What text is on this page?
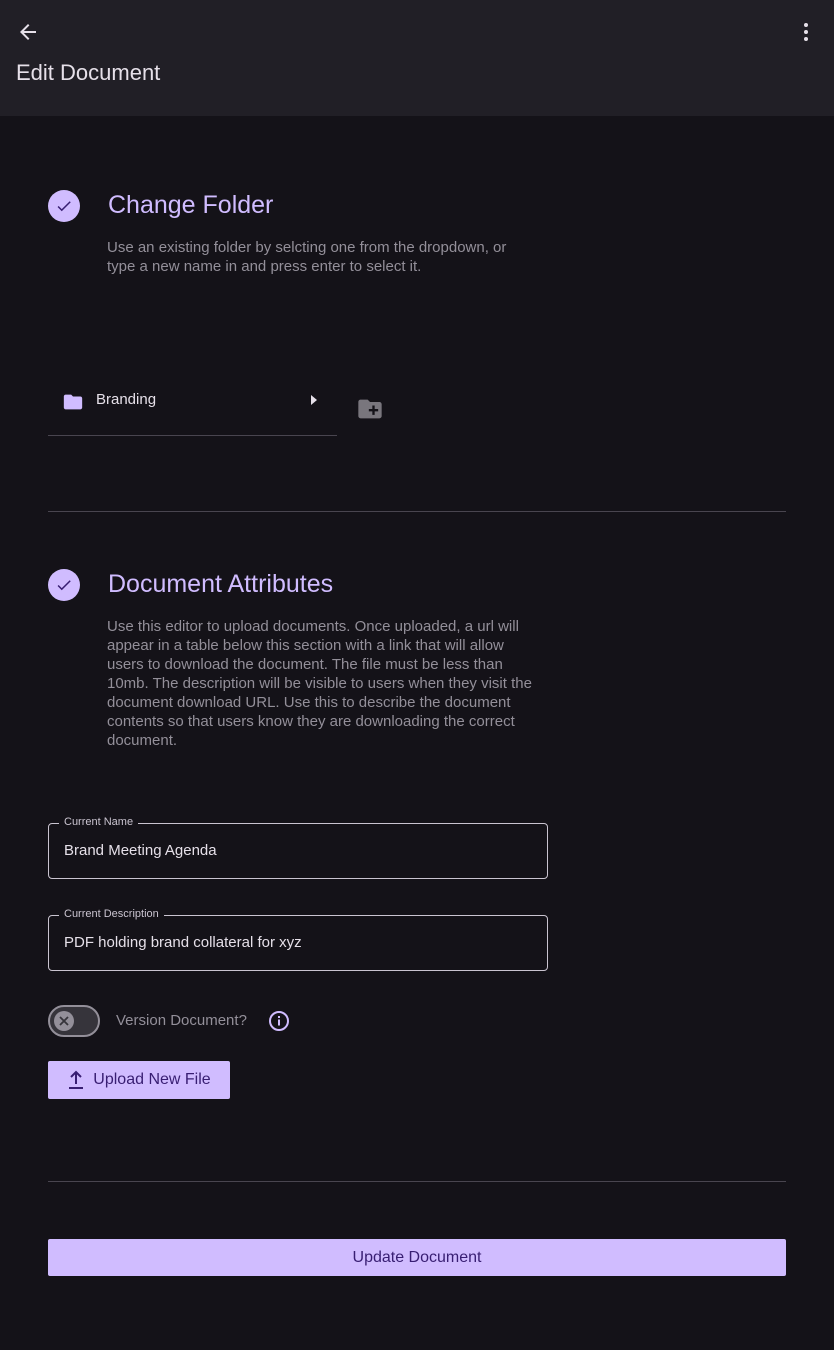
Edit Document
Change Folder
Use an existing folder by selcting one from the dropdown, or
type a new name in and press enter to select it.
Branding
Document Attributes
Use this editor to upload documents. Once uploaded, a url will
appear in a table below this section with a link that will allow
users to download the document. The file must be less than
10mb. The description will be visible to users when they visit the
document download URL. Use this to describe the document
contents so that users know they are downloading the correct
document.
Current Name
Brand Meeting Agenda
Current Description
PDF holding brand collateral for xyz
Version Document?
Upload New File
Update Document
